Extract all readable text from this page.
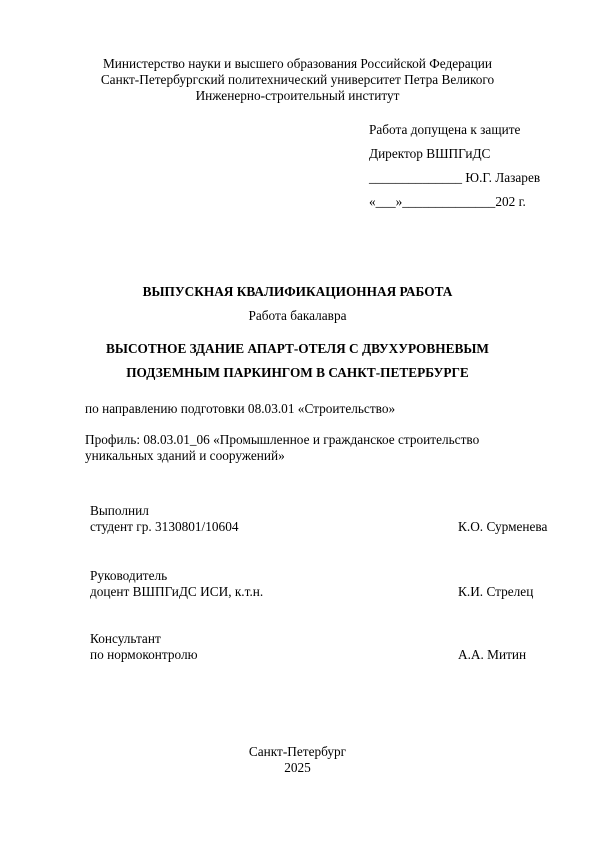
Министерство науки и высшего образования Российской Федерации
Санкт-Петербургский политехнический университет Петра Великого
Инженерно-строительный институт
Работа допущена к защите
Директор ВШПГиДС
______________ Ю.Г. Лазарев
«___»______________202 г.
ВЫПУСКНАЯ КВАЛИФИКАЦИОННАЯ РАБОТА
Работа бакалавра
ВЫСОТНОЕ ЗДАНИЕ АПАРТ-ОТЕЛЯ С ДВУХУРОВНЕВЫМ
ПОДЗЕМНЫМ ПАРКИНГОМ В САНКТ-ПЕТЕРБУРГЕ
по направлению подготовки 08.03.01 «Строительство»
Профиль: 08.03.01_06 «Промышленное и гражданское строительство
уникальных зданий и сооружений»
Выполнил
студент гр. 3130801/10604	К.О. Сурменева
Руководитель
доцент ВШПГиДС ИСИ, к.т.н.	К.И. Стрелец
Консультант
по нормоконтролю	А.А. Митин
Санкт-Петербург
2025
